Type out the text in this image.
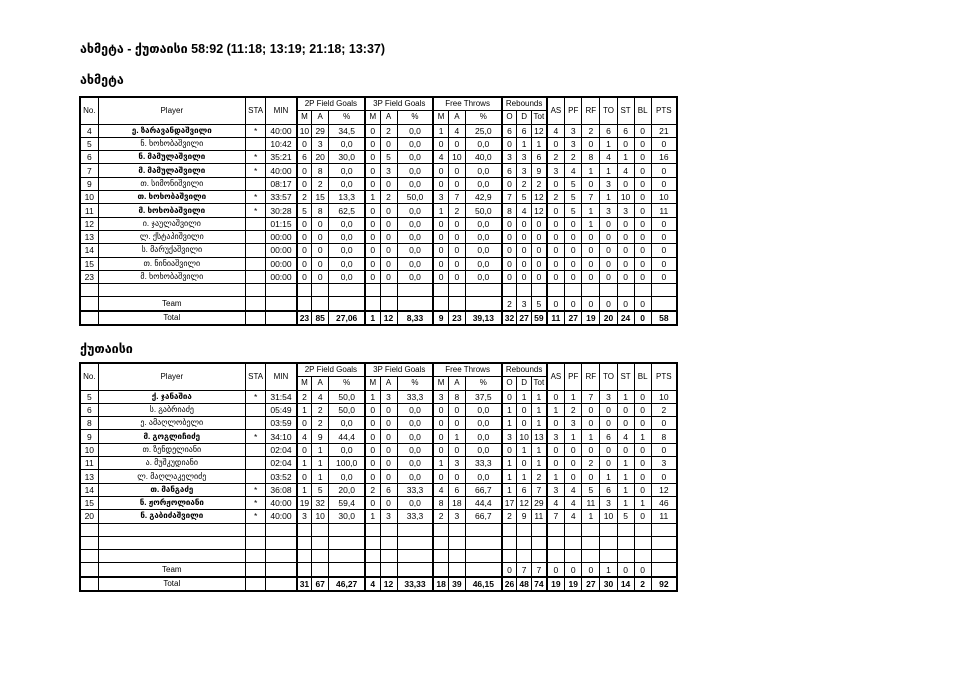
ახმეტა - ქუთაისი 58:92 (11:18; 13:19; 21:18; 13:37)
ახმეტა
No.	Player	STA	MIN	2P Field Goals			3P Field Goals			Free Throws			Rebounds			AS	PF	RF	TO	ST	BL	PTS
				M	A	%	M	A	%	M	A	%	O	D	Tot							
4	ე. ზარავანდაშვილი	*	40:00	10	29	34,5	0	2	0,0	1	4	25,0	6	6	12	4	3	2	6	6	0	21
5	ნ. ხოხობაშვილი		10:42	0	3	0,0	0	0	0,0	0	0	0,0	0	1	1	0	3	0	1	0	0	0
6	ნ. მამულაშვილი	*	35:21	6	20	30,0	0	5	0,0	4	10	40,0	3	3	6	2	2	8	4	1	0	16
7	მ. მამულაშვილი	*	40:00	0	8	0,0	0	3	0,0	0	0	0,0	6	3	9	3	4	1	1	4	0	0
9	თ. სიმონიშვილი		08:17	0	2	0,0	0	0	0,0	0	0	0,0	0	2	2	0	5	0	3	0	0	0
10	თ. ხოხობაშვილი	*	33:57	2	15	13,3	1	2	50,0	3	7	42,9	7	5	12	2	5	7	1	10	0	10
11	მ. ხოხობაშვილი	*	30:28	5	8	62,5	0	0	0,0	1	2	50,0	8	4	12	0	5	1	3	3	0	11
12	ი. ჯაულაშვილი		01:15	0	0	0,0	0	0	0,0	0	0	0,0	0	0	0	0	0	1	0	0	0	0
13	ლ. ქსტაპიშვილი		00:00	0	0	0,0	0	0	0,0	0	0	0,0	0	0	0	0	0	0	0	0	0	0
14	ს. მარუქაშვილი		00:00	0	0	0,0	0	0	0,0	0	0	0,0	0	0	0	0	0	0	0	0	0	0
15	თ. ნინიაშვილი		00:00	0	0	0,0	0	0	0,0	0	0	0,0	0	0	0	0	0	0	0	0	0	0
23	მ. ხოხობაშვილი		00:00	0	0	0,0	0	0	0,0	0	0	0,0	0	0	0	0	0	0	0	0	0	0

	Team												2	3	5	0	0	0	0	0	0	
	Total			23	85	27,06	1	12	8,33	9	23	39,13	32	27	59	11	27	19	20	24	0	58
ქუთაისი
No.	Player	STA	MIN	2P Field Goals			3P Field Goals			Free Throws			Rebounds			AS	PF	RF	TO	ST	BL	PTS
				M	A	%	M	A	%	M	A	%	O	D	Tot							
5	ქ. ჯანაშია	*	31:54	2	4	50,0	1	3	33,3	3	8	37,5	0	1	1	0	1	7	3	1	0	10
6	ს. გაბრიაძე		05:49	1	2	50,0	0	0	0,0	0	0	0,0	1	0	1	1	2	0	0	0	0	2
8	ე. ამაღლობელი		03:59	0	2	0,0	0	0	0,0	0	0	0,0	1	0	1	0	3	0	0	0	0	0
9	მ. გოგლიჩიძე	*	34:10	4	9	44,4	0	0	0,0	0	1	0,0	3	10	13	3	1	1	6	4	1	8
10	თ. ზენდელიანი		02:04	0	1	0,0	0	0	0,0	0	0	0,0	0	1	1	0	0	0	0	0	0	0
11	ა. მუშკუდიანი		02:04	1	1	100,0	0	0	0,0	1	3	33,3	1	0	1	0	0	2	0	1	0	3
13	ლ. მაღლაკელიძე		03:52	0	1	0,0	0	0	0,0	0	0	0,0	1	1	2	1	0	0	1	1	0	0
14	თ. მანგაძე	*	36:08	1	5	20,0	2	6	33,3	4	6	66,7	1	6	7	3	4	5	6	1	0	12
15	ნ. ჟორჟოლიანი	*	40:00	19	32	59,4	0	0	0,0	8	18	44,4	17	12	29	4	4	11	3	1	1	46
20	ნ. გაბიძაშვილი	*	40:00	3	10	30,0	1	3	33,3	2	3	66,7	2	9	11	7	4	1	10	5	0	11

	Team												0	7	7	0	0	0	1	0	0	
	Total			31	67	46,27	4	12	33,33	18	39	46,15	26	48	74	19	19	27	30	14	2	92
